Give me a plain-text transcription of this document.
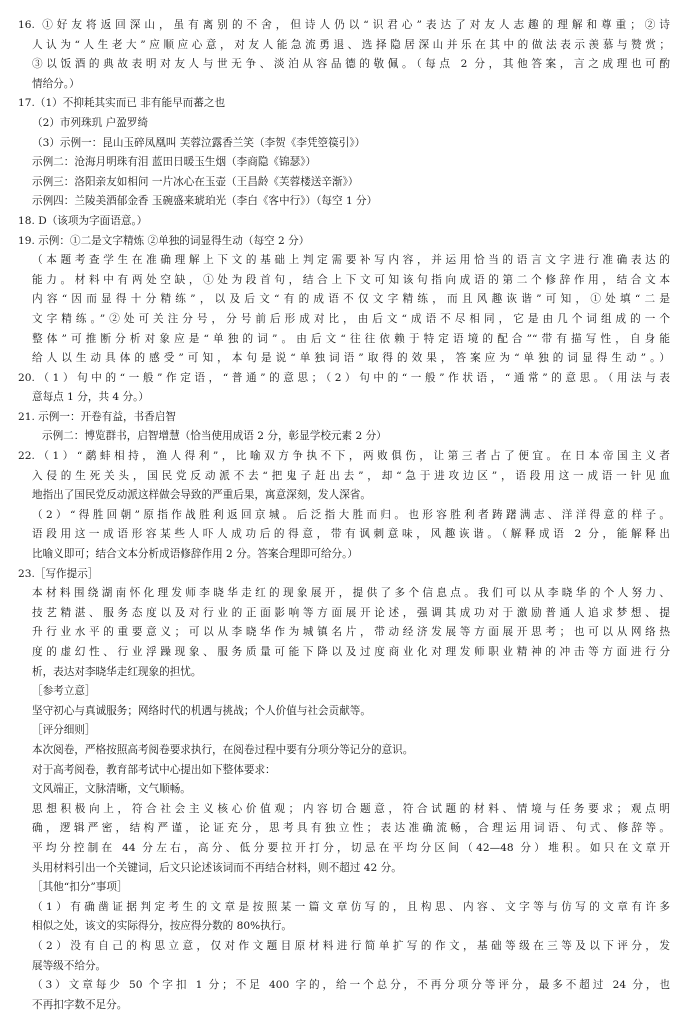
16. ①好友将返回深山，虽有离别的不舍，但诗人仍以“识君心”表达了对友人志趣的理解和尊重；②诗
人认为“人生老大”应顺应心意，对友人能急流勇退、选择隐居深山并乐在其中的做法表示羡慕与赞赏；
③以饭酒的典故表明对友人与世无争、淡泊从容品德的敬佩。（每点 2 分，其他答案，言之成理也可酌
情给分。）
17.（1）不抑耗其实而已 非有能早而蕃之也
（2）市列珠玑 户盈罗绮
（3）示例一：昆山玉碎凤凰叫 芙蓉泣露香兰笑（李贺《李凭箜篌引》）
示例二：沧海月明珠有泪 蓝田日暖玉生烟（李商隐《锦瑟》）
示例三：洛阳亲友如相问 一片冰心在玉壶（王昌龄《芙蓉楼送辛渐》）
示例四：兰陵美酒郁金香 玉碗盛来琥珀光（李白《客中行》）（每空 1 分）
18. D（该项为字面语意。）
19. 示例：①二是文字精炼 ②单独的词显得生动（每空 2 分）
（本题考查学生在准确理解上下文的基础上判定需要补写内容，并运用恰当的语言文字进行准确表达的
能力。材料中有两处空缺，①处为段首句，结合上下文可知该句指向成语的第二个修辞作用，结合文本
内容“因而显得十分精练”，以及后文“有的成语不仅文字精练，而且风趣诙谐”可知，①处填“二是
文字精练。”②处可关注分号，分号前后形成对比，由后文“成语不尽相同，它是由几个词组成的一个
整体”可推断分析对象应是“单独的词”。由后文“往往依赖于特定语境的配合”“带有描写性，自身能
给人以生动具体的感受”可知，本句是说“单独词语”取得的效果，答案应为“单独的词显得生动”。）
20.（1）句中的“一般”作定语，“普通”的意思；（2）句中的“一般”作状语，“通常”的意思。（用法与表
意每点 1 分，共 4 分。）
21. 示例一：开卷有益，书香启智
示例二：博览群书，启智增慧（恰当使用成语 2 分，彰显学校元素 2 分）
22.（1）“鹬蚌相持，渔人得利”，比喻双方争执不下，两败俱伤，让第三者占了便宜。在日本帝国主义者
入侵的生死关头，国民党反动派不去“把鬼子赶出去”，却“急于进攻边区”，语段用这一成语一针见血
地指出了国民党反动派这样做会导致的严重后果，寓意深刻，发人深省。
（2）“得胜回朝”原指作战胜利返回京城。后泛指大胜而归。也形容胜利者踌躇满志、洋洋得意的样子。
语段用这一成语形容某些人吓人成功后的得意，带有讽刺意味，风趣诙谐。（解释成语 2 分，能解释出
比喻义即可；结合文本分析成语修辞作用 2 分。答案合理即可给分。）
23.［写作提示］
本材料围绕湖南怀化理发师李晓华走红的现象展开，提供了多个信息点。我们可以从李晓华的个人努力、
技艺精湛、服务态度以及对行业的正面影响等方面展开论述，强调其成功对于激励普通人追求梦想、提
升行业水平的重要意义；可以从李晓华作为城镇名片，带动经济发展等方面展开思考；也可以从网络热
度的虚幻性、行业浮躁现象、服务质量可能下降以及过度商业化对理发师职业精神的冲击等方面进行分
析，表达对李晓华走红现象的担忧。
［参考立意］
坚守初心与真诚服务；网络时代的机遇与挑战；个人价值与社会贡献等。
［评分细则］
本次阅卷，严格按照高考阅卷要求执行，在阅卷过程中要有分项分等记分的意识。
对于高考阅卷，教育部考试中心提出如下整体要求：
文风端正，文脉清晰，文气顺畅。
思想积极向上，符合社会主义核心价值观；内容切合题意，符合试题的材料、情境与任务要求；观点明
确，逻辑严密，结构严谨，论证充分，思考具有独立性；表达准确流畅，合理运用词语、句式、修辞等。
平均分控制在 44 分左右，高分、低分要拉开打分，切忌在平均分区间（42—48 分）堆积。如只在文章开
头用材料引出一个关键词，后文只论述该词而不再结合材料，则不超过 42 分。
［其他“扣分”事项］
（1）有确凿证据判定考生的文章是按照某一篇文章仿写的，且构思、内容、文字等与仿写的文章有许多
相似之处，该文的实际得分，按应得分数的 80%执行。
（2）没有自己的构思立意，仅对作文题目原材料进行简单扩写的作文，基础等级在三等及以下评分，发
展等级不给分。
（3）文章每少 50 个字扣 1 分；不足 400 字的，给一个总分，不再分项分等评分，最多不超过 24 分，也
不再扣字数不足分。
